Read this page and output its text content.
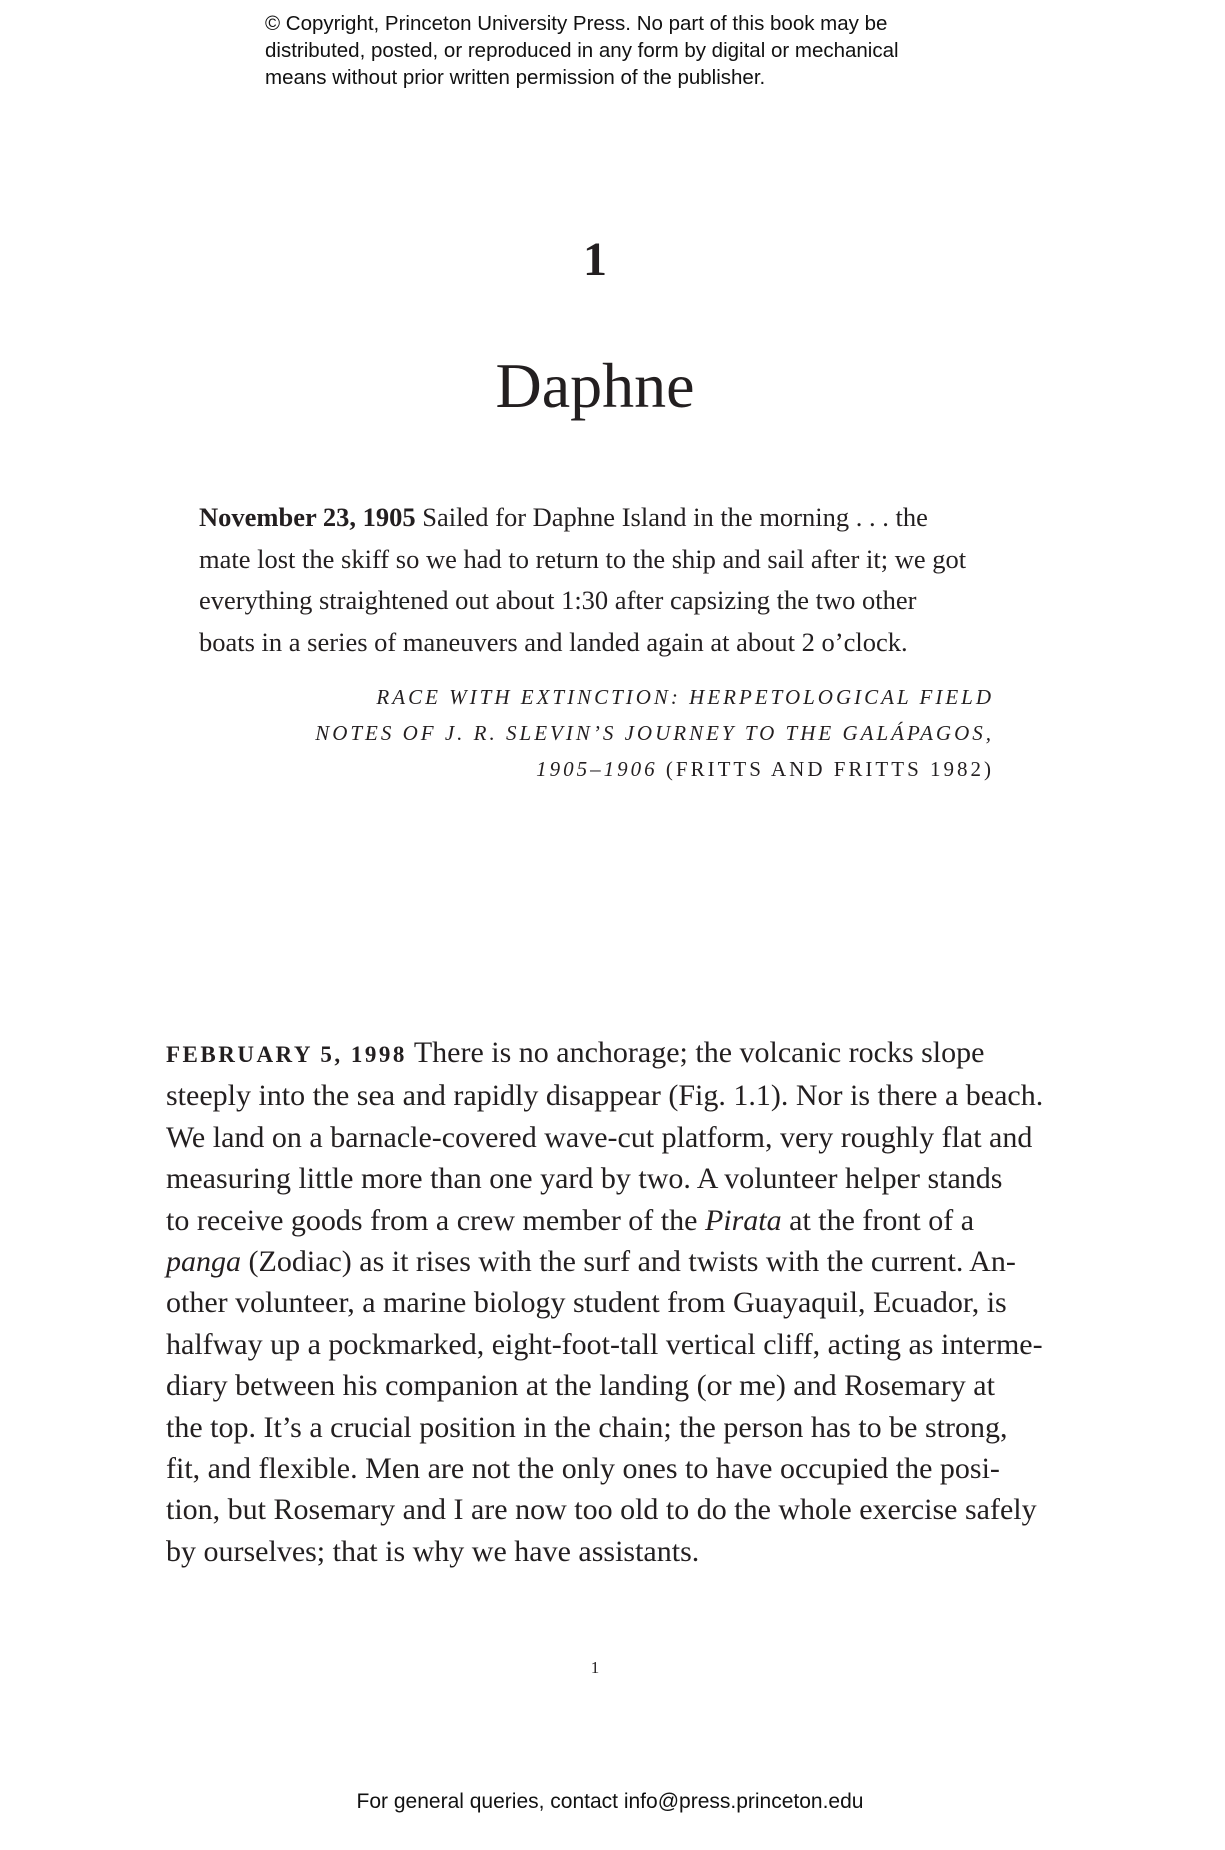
© Copyright, Princeton University Press. No part of this book may be
distributed, posted, or reproduced in any form by digital or mechanical
means without prior written permission of the publisher.
1
Daphne
November 23, 1905 Sailed for Daphne Island in the morning . . . the
mate lost the skiff so we had to return to the ship and sail after it; we got
everything straightened out about 1:30 after capsizing the two other
boats in a series of maneuvers and landed again at about 2 o’clock.
RACE WITH EXTINCTION: HERPETOLOGICAL FIELD
NOTES OF J. R. SLEVIN’S JOURNEY TO THE GALÁPAGOS,
1905–1906 (FRITTS AND FRITTS 1982)
FEBRUARY 5, 1998 There is no anchorage; the volcanic rocks slope
steeply into the sea and rapidly disappear (Fig. 1.1). Nor is there a beach.
We land on a barnacle-covered wave-cut platform, very roughly flat and
measuring little more than one yard by two. A volunteer helper stands
to receive goods from a crew member of the Pirata at the front of a
panga (Zodiac) as it rises with the surf and twists with the current. An-
other volunteer, a marine biology student from Guayaquil, Ecuador, is
halfway up a pockmarked, eight-foot-tall vertical cliff, acting as interme-
diary between his companion at the landing (or me) and Rosemary at
the top. It’s a crucial position in the chain; the person has to be strong,
fit, and flexible. Men are not the only ones to have occupied the posi-
tion, but Rosemary and I are now too old to do the whole exercise safely
by ourselves; that is why we have assistants.
1
For general queries, contact info@press.princeton.edu
